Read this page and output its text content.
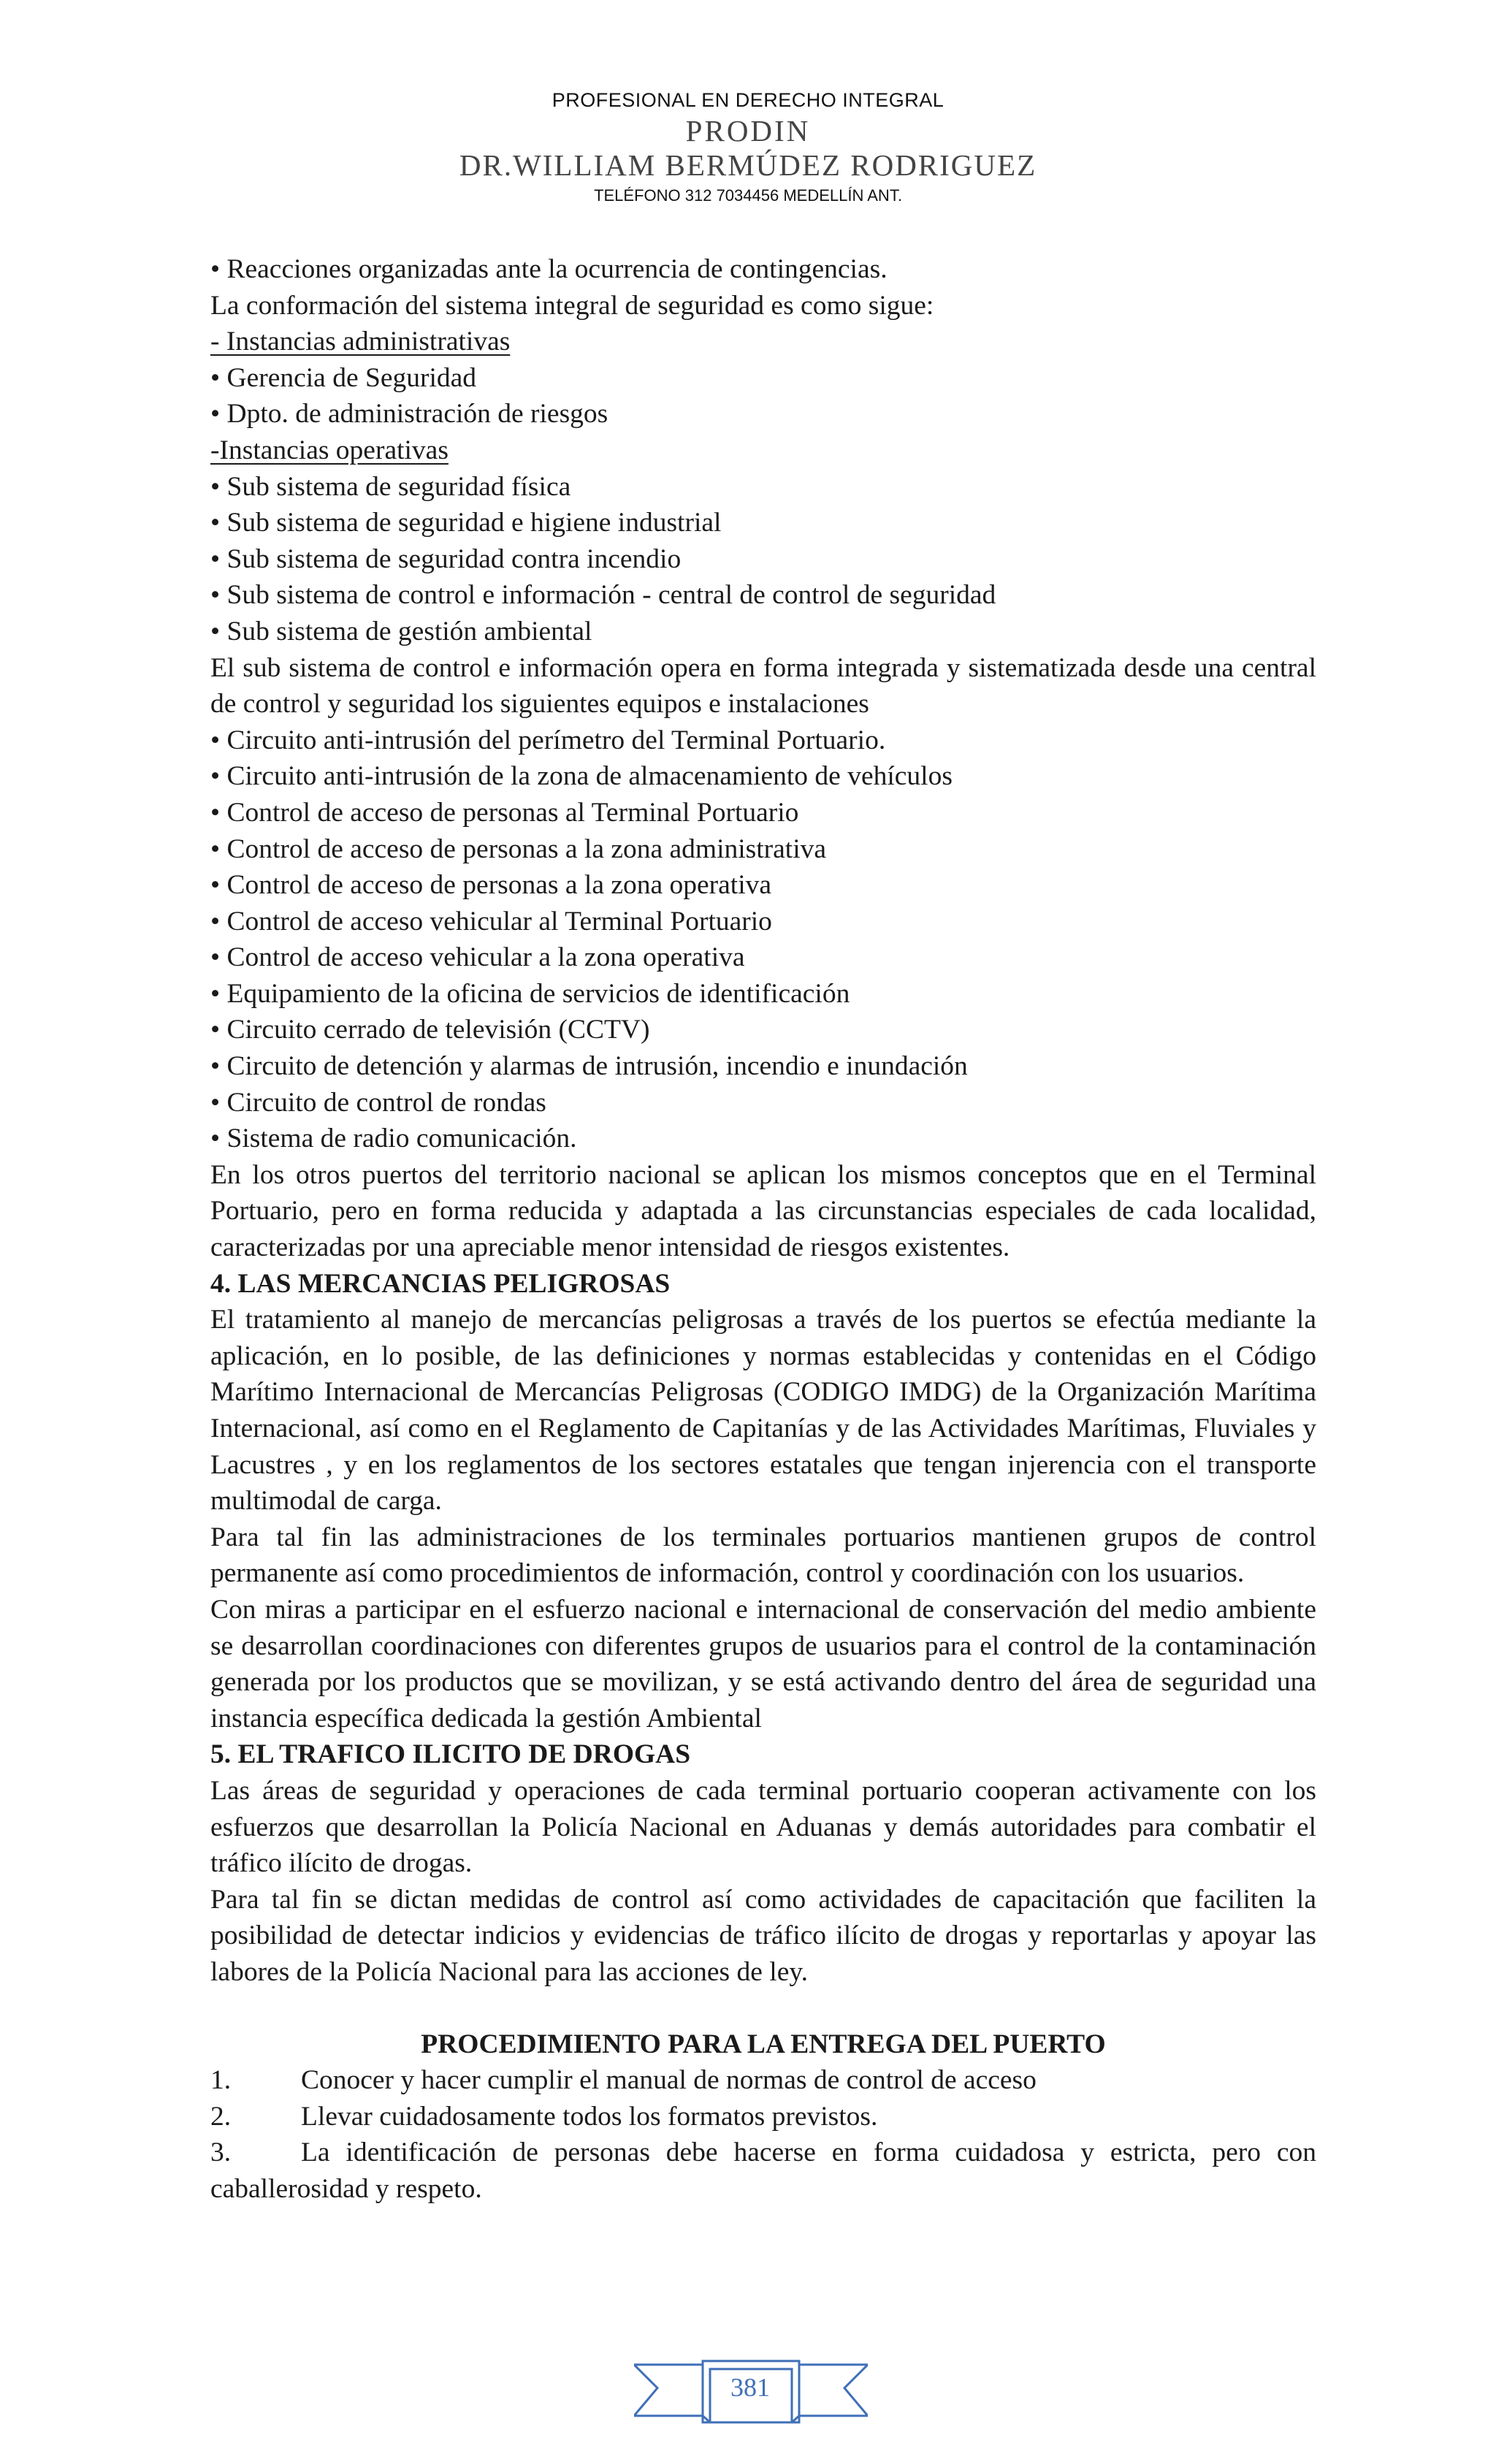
PROFESIONAL EN DERECHO INTEGRAL
PRODIN
DR.WILLIAM BERMÚDEZ RODRIGUEZ
TELÉFONO 312 7034456 MEDELLÍN ANT.

• Reacciones organizadas ante la ocurrencia de contingencias.

La conformación del sistema integral de seguridad es como sigue:

- Instancias administrativas

• Gerencia de Seguridad

• Dpto. de administración de riesgos

-Instancias operativas

• Sub sistema de seguridad física

• Sub sistema de seguridad e higiene industrial

• Sub sistema de seguridad contra incendio

• Sub sistema de control e información - central de control de seguridad

• Sub sistema de gestión ambiental

El sub sistema de control e información opera en forma integrada y sistematizada desde una central de control y seguridad los siguientes equipos e instalaciones

• Circuito anti-intrusión del perímetro del Terminal Portuario.

• Circuito anti-intrusión de la zona de almacenamiento de vehículos

• Control de acceso de personas al Terminal Portuario

• Control de acceso de personas a la zona administrativa

• Control de acceso de personas a la zona operativa

• Control de acceso vehicular al Terminal Portuario

• Control de acceso vehicular a la zona operativa

• Equipamiento de la oficina de servicios de identificación

• Circuito cerrado de televisión (CCTV)

• Circuito de detención y alarmas de intrusión, incendio e inundación

• Circuito de control de rondas

• Sistema de radio comunicación.

En los otros puertos del territorio nacional se aplican los mismos conceptos que en el Terminal Portuario, pero en forma reducida y adaptada a las circunstancias especiales de cada localidad, caracterizadas por una apreciable menor intensidad de riesgos existentes.

4. LAS MERCANCIAS PELIGROSAS

El tratamiento al manejo de mercancías peligrosas a través de los puertos se efectúa mediante la aplicación, en lo posible, de las definiciones y normas establecidas y contenidas en el Código Marítimo Internacional de Mercancías Peligrosas (CODIGO IMDG) de la Organización Marítima Internacional, así como en el Reglamento de Capitanías y de las Actividades Marítimas, Fluviales y Lacustres , y en los reglamentos de los sectores estatales que tengan injerencia con el transporte multimodal de carga.

Para tal fin las administraciones de los terminales portuarios mantienen grupos de control permanente así como procedimientos de información, control y coordinación con los usuarios.

Con miras a participar en el esfuerzo nacional e internacional de conservación del medio ambiente se desarrollan coordinaciones con diferentes grupos de usuarios para el control de la contaminación generada por los productos que se movilizan, y se está activando dentro del área de seguridad una instancia específica dedicada la gestión Ambiental

5. EL TRAFICO ILICITO DE DROGAS

Las áreas de seguridad y operaciones de cada terminal portuario cooperan activamente con los esfuerzos que desarrollan la Policía Nacional en Aduanas y demás autoridades para combatir el tráfico ilícito de drogas.

Para tal fin se dictan medidas de control así como actividades de capacitación que faciliten la posibilidad de detectar indicios y evidencias de tráfico ilícito de drogas y reportarlas y apoyar las labores de la Policía Nacional para las acciones de ley.

PROCEDIMIENTO PARA LA ENTREGA DEL PUERTO

1.	Conocer y hacer cumplir el manual de normas de control de acceso
2.	Llevar cuidadosamente todos los formatos previstos.

3.	La identificación de personas debe hacerse en forma cuidadosa y estricta, pero con caballerosidad y respeto.

381
